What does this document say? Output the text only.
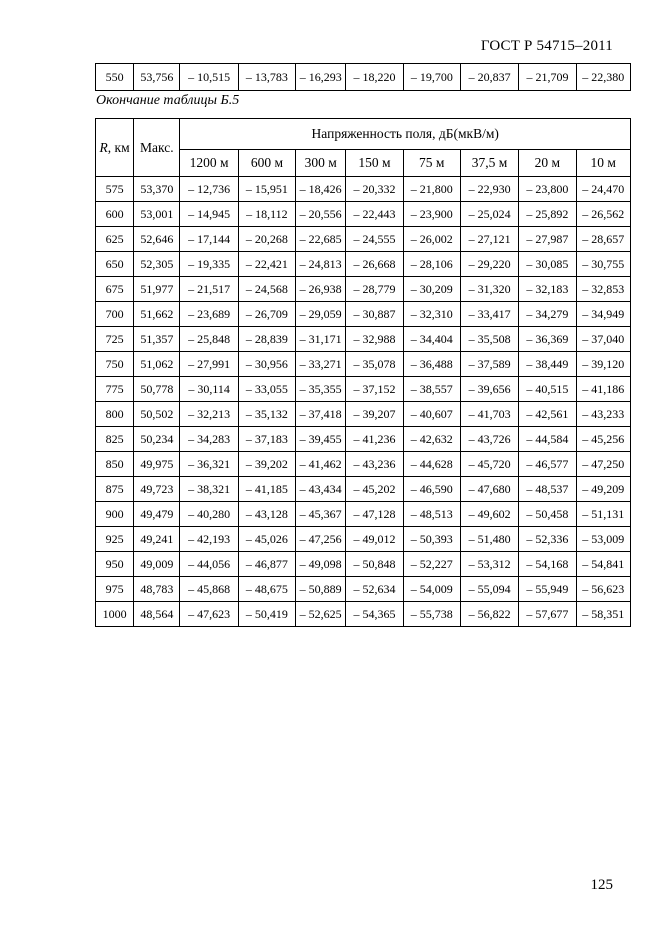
ГОСТ Р 54715–2011
550	53,756	– 10,515	– 13,783	– 16,293	– 18,220	– 19,700	– 20,837	– 21,709	– 22,380
Окончание таблицы Б.5
R, км	Макс.	Напряженность поля, дБ(мкВ/м)							
		1200 м	600 м	300 м	150 м	75 м	37,5 м	20 м	10 м
575	53,370	– 12,736	– 15,951	– 18,426	– 20,332	– 21,800	– 22,930	– 23,800	– 24,470
600	53,001	– 14,945	– 18,112	– 20,556	– 22,443	– 23,900	– 25,024	– 25,892	– 26,562
625	52,646	– 17,144	– 20,268	– 22,685	– 24,555	– 26,002	– 27,121	– 27,987	– 28,657
650	52,305	– 19,335	– 22,421	– 24,813	– 26,668	– 28,106	– 29,220	– 30,085	– 30,755
675	51,977	– 21,517	– 24,568	– 26,938	– 28,779	– 30,209	– 31,320	– 32,183	– 32,853
700	51,662	– 23,689	– 26,709	– 29,059	– 30,887	– 32,310	– 33,417	– 34,279	– 34,949
725	51,357	– 25,848	– 28,839	– 31,171	– 32,988	– 34,404	– 35,508	– 36,369	– 37,040
750	51,062	– 27,991	– 30,956	– 33,271	– 35,078	– 36,488	– 37,589	– 38,449	– 39,120
775	50,778	– 30,114	– 33,055	– 35,355	– 37,152	– 38,557	– 39,656	– 40,515	– 41,186
800	50,502	– 32,213	– 35,132	– 37,418	– 39,207	– 40,607	– 41,703	– 42,561	– 43,233
825	50,234	– 34,283	– 37,183	– 39,455	– 41,236	– 42,632	– 43,726	– 44,584	– 45,256
850	49,975	– 36,321	– 39,202	– 41,462	– 43,236	– 44,628	– 45,720	– 46,577	– 47,250
875	49,723	– 38,321	– 41,185	– 43,434	– 45,202	– 46,590	– 47,680	– 48,537	– 49,209
900	49,479	– 40,280	– 43,128	– 45,367	– 47,128	– 48,513	– 49,602	– 50,458	– 51,131
925	49,241	– 42,193	– 45,026	– 47,256	– 49,012	– 50,393	– 51,480	– 52,336	– 53,009
950	49,009	– 44,056	– 46,877	– 49,098	– 50,848	– 52,227	– 53,312	– 54,168	– 54,841
975	48,783	– 45,868	– 48,675	– 50,889	– 52,634	– 54,009	– 55,094	– 55,949	– 56,623
1000	48,564	– 47,623	– 50,419	– 52,625	– 54,365	– 55,738	– 56,822	– 57,677	– 58,351
125
